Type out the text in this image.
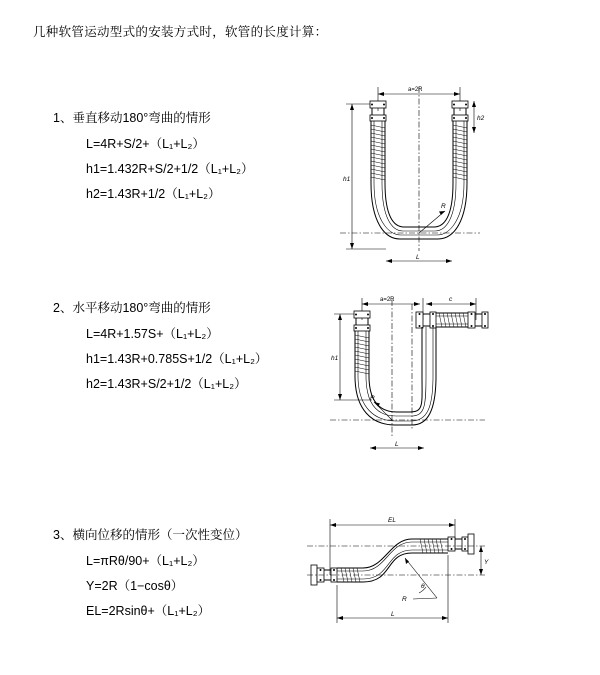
几种软管运动型式的安装方式时，软管的长度计算：
1、垂直移动180°弯曲的情形
L=4R+S/2+（L₁+L₂）
h1=1.432R+S/2+1/2（L₁+L₂）
h2=1.43R+1/2（L₁+L₂）
a=2R
h2
h1
R
L
2、水平移动180°弯曲的情形
L=4R+1.57S+（L₁+L₂）
h1=1.43R+0.785S+1/2（L₁+L₂）
h2=1.43R+S/2+1/2（L₁+L₂）
a=2R	c
h1
R
L
3、横向位移的情形（一次性变位）
L=πRθ/90+（L₁+L₂）
Y=2R（1−cosθ）
EL=2Rsinθ+（L₁+L₂）
EL
Y
θ
R
L
